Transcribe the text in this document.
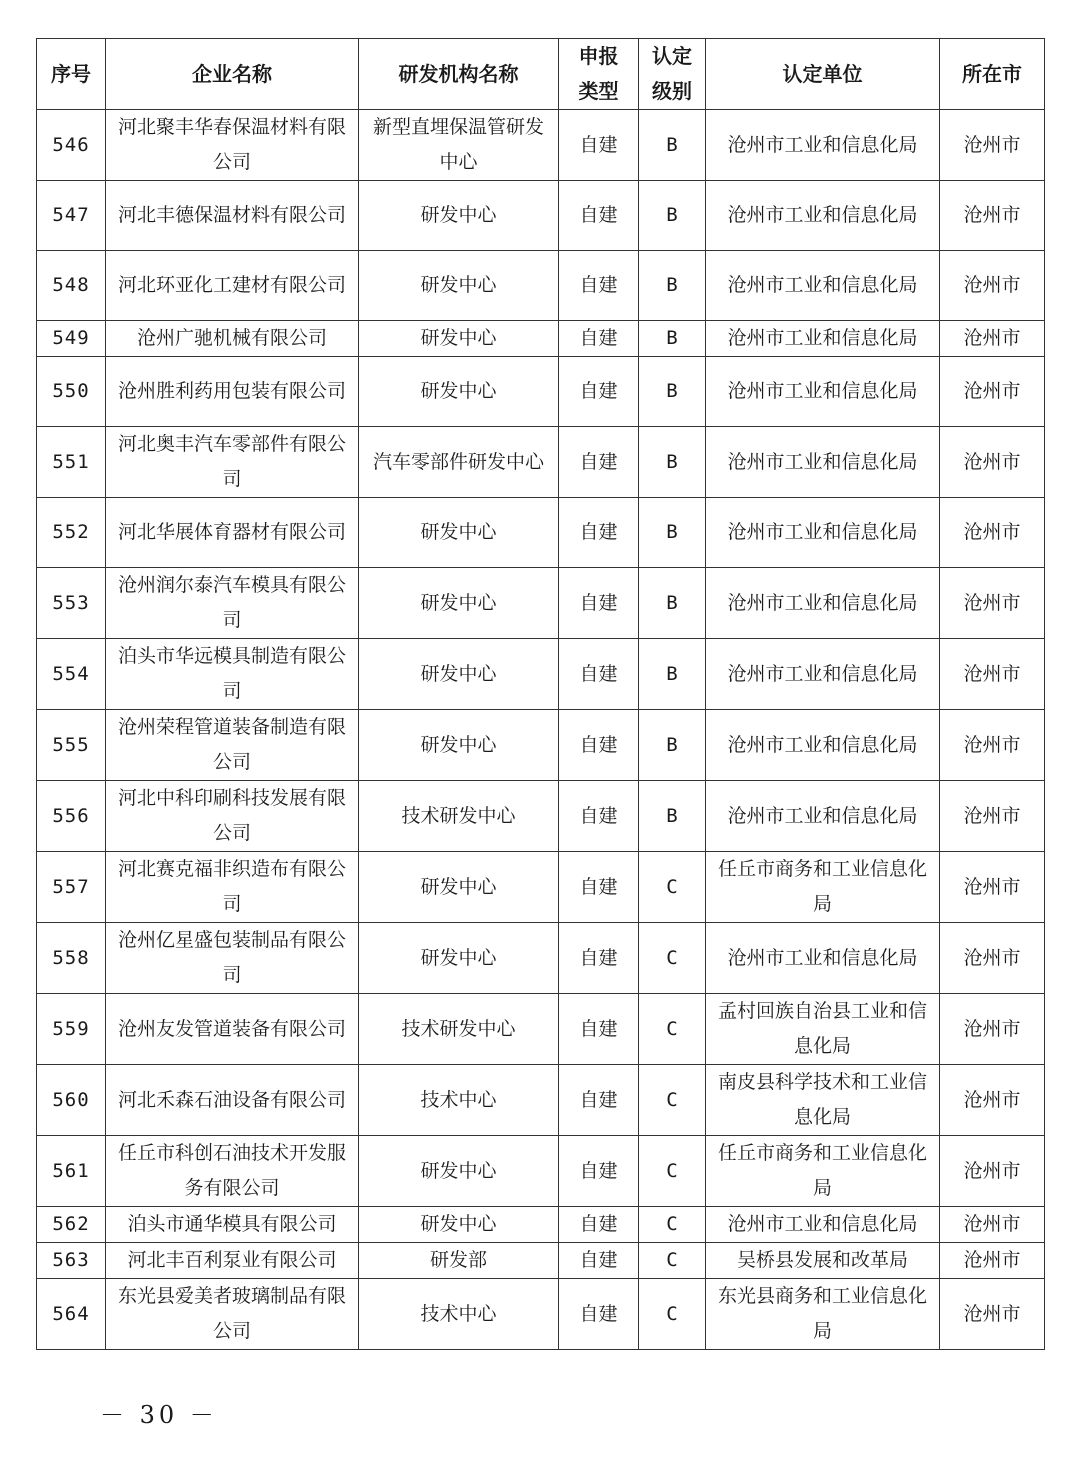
序号	企业名称	研发机构名称	申报类型	认定级别	认定单位	所在市
546	河北聚丰华春保温材料有限公司	新型直埋保温管研发中心	自建	B	沧州市工业和信息化局	沧州市
547	河北丰德保温材料有限公司	研发中心	自建	B	沧州市工业和信息化局	沧州市
548	河北环亚化工建材有限公司	研发中心	自建	B	沧州市工业和信息化局	沧州市
549	沧州广驰机械有限公司	研发中心	自建	B	沧州市工业和信息化局	沧州市
550	沧州胜利药用包装有限公司	研发中心	自建	B	沧州市工业和信息化局	沧州市
551	河北奥丰汽车零部件有限公司	汽车零部件研发中心	自建	B	沧州市工业和信息化局	沧州市
552	河北华展体育器材有限公司	研发中心	自建	B	沧州市工业和信息化局	沧州市
553	沧州润尔泰汽车模具有限公司	研发中心	自建	B	沧州市工业和信息化局	沧州市
554	泊头市华远模具制造有限公司	研发中心	自建	B	沧州市工业和信息化局	沧州市
555	沧州荣程管道装备制造有限公司	研发中心	自建	B	沧州市工业和信息化局	沧州市
556	河北中科印刷科技发展有限公司	技术研发中心	自建	B	沧州市工业和信息化局	沧州市
557	河北赛克福非织造布有限公司	研发中心	自建	C	任丘市商务和工业信息化局	沧州市
558	沧州亿星盛包装制品有限公司	研发中心	自建	C	沧州市工业和信息化局	沧州市
559	沧州友发管道装备有限公司	技术研发中心	自建	C	孟村回族自治县工业和信息化局	沧州市
560	河北禾森石油设备有限公司	技术中心	自建	C	南皮县科学技术和工业信息化局	沧州市
561	任丘市科创石油技术开发服务有限公司	研发中心	自建	C	任丘市商务和工业信息化局	沧州市
562	泊头市通华模具有限公司	研发中心	自建	C	沧州市工业和信息化局	沧州市
563	河北丰百利泵业有限公司	研发部	自建	C	吴桥县发展和改革局	沧州市
564	东光县爱美者玻璃制品有限公司	技术中心	自建	C	东光县商务和工业信息化局	沧州市
－ 30 －
